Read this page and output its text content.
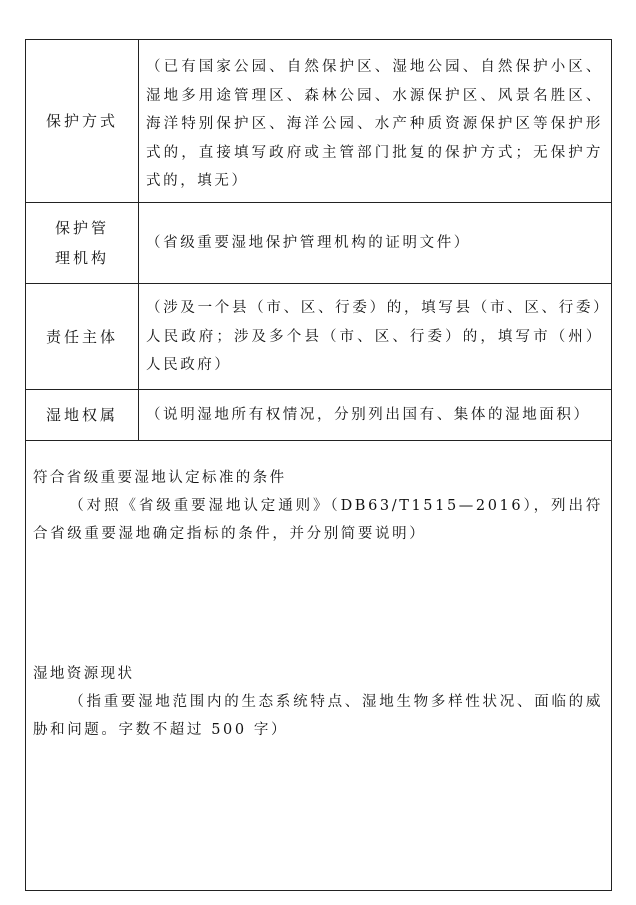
保护方式
（已有国家公园、自然保护区、湿地公园、自然保护小区、湿地多用途管理区、森林公园、水源保护区、风景名胜区、海洋特别保护区、海洋公园、水产种质资源保护区等保护形式的，直接填写政府或主管部门批复的保护方式；无保护方式的，填无）
保护管理机构
（省级重要湿地保护管理机构的证明文件）
责任主体
（涉及一个县（市、区、行委）的，填写县（市、区、行委）人民政府；涉及多个县（市、区、行委）的，填写市（州）人民政府）
湿地权属	（说明湿地所有权情况，分别列出国有、集体的湿地面积）
符合省级重要湿地认定标准的条件
（对照《省级重要湿地认定通则》（DB63/T1515—2016），列出符合省级重要湿地确定指标的条件，并分别简要说明）
湿地资源现状
（指重要湿地范围内的生态系统特点、湿地生物多样性状况、面临的威胁和问题。字数不超过 500 字）
